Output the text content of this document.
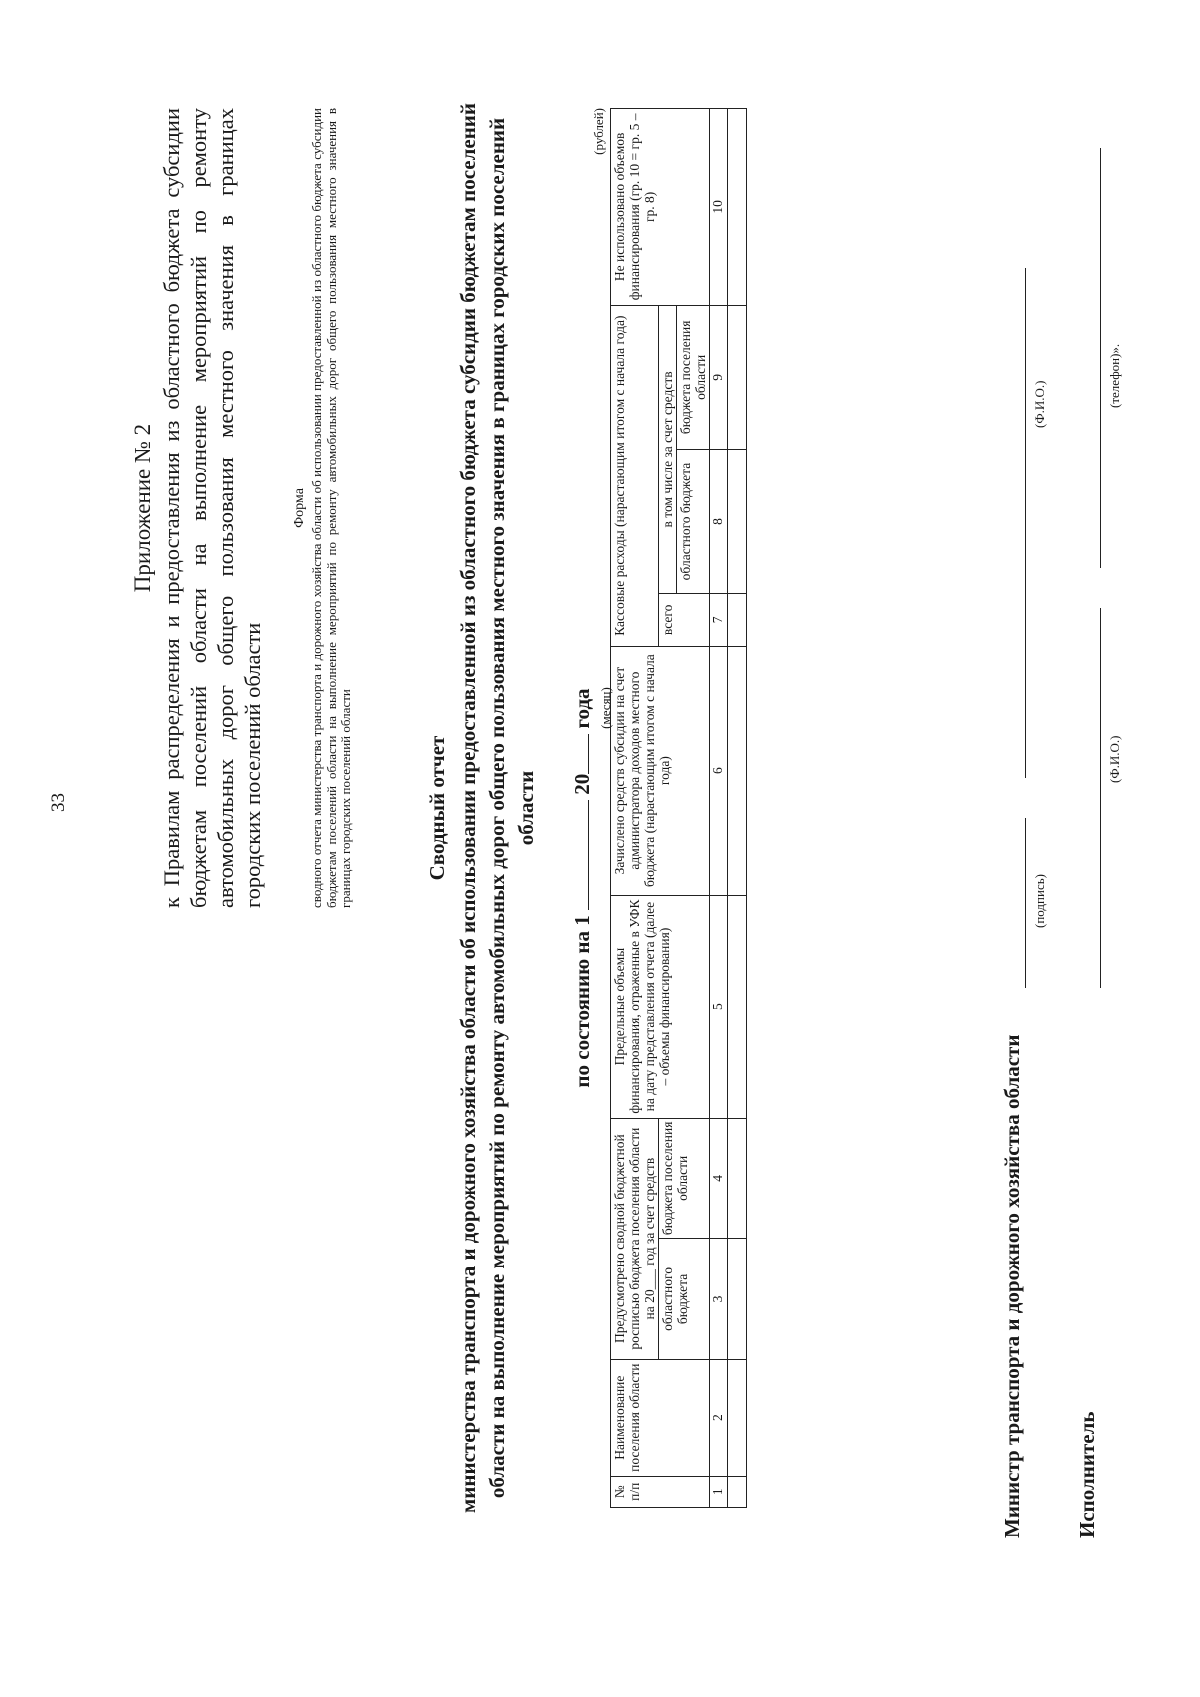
33
Приложение № 2 к Правилам распределения и предоставления из областного бюджета субсидии бюджетам поселений области на выполнение мероприятий по ремонту автомобильных дорог общего пользования местного значения в границах городских поселений области
Форма сводного отчета министерства транспорта и дорожного хозяйства области об использовании предоставленной из областного бюджета субсидии бюджетам поселений области на выполнение мероприятий по ремонту автомобильных дорог общего пользования местного значения в границах городских поселений области	Сводный отчет министерства транспорта и дорожного хозяйства области об использовании предоставленной из областного бюджета субсидии бюджетам поселений области на выполнение мероприятий по ремонту автомобильных дорог общего пользования местного значения в границах городских поселений области
по состоянию на 1  20 года (месяц)
(рублей)
№ п/п	Наименование поселения области	Предусмотрено сводной бюджетной росписью бюджета поселения области на 20___ год за счет средств		Предельные объемы финансирования, отраженные в УФК на дату представления отчета (далее – объемы финансирования)	Зачислено средств субсидии на счет администратора доходов местного бюджета (нарастающим итогом с начала года)	Кассовые расходы (нарастающим итогом с начала года)			Не использовано объемов финансирования (гр. 10 = гр. 5 – гр. 8)
		областного бюджета	бюджета поселения области			всего	в том числе за счет средств		
							областного бюджета	бюджета поселения области	
1	2	3	4	5	6	7	8	9	10

Министр транспорта и дорожного хозяйства области
(подпись)
(Ф.И.О.)
Исполнитель
(Ф.И.О.)
(телефон)».
